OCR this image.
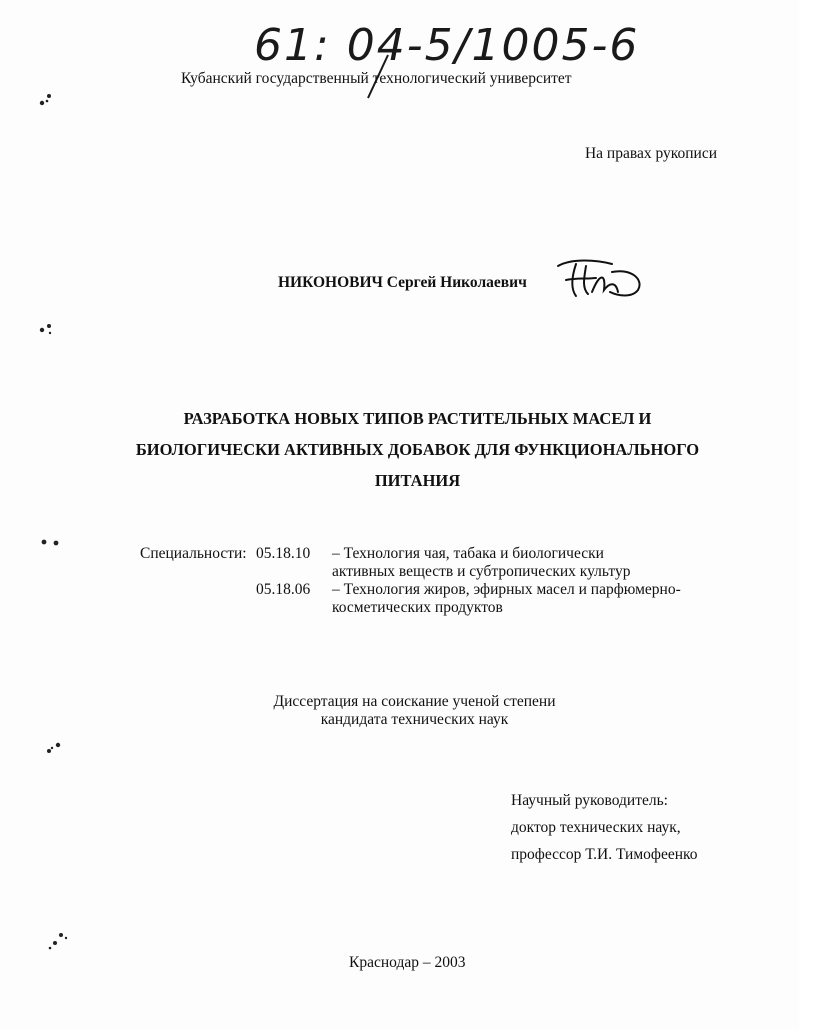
61: 04-5/1005-6
Кубанский государственный технологический университет
На правах рукописи
НИКОНОВИЧ Сергей Николаевич
РАЗРАБОТКА НОВЫХ ТИПОВ РАСТИТЕЛЬНЫХ МАСЕЛ И
БИОЛОГИЧЕСКИ АКТИВНЫХ ДОБАВОК ДЛЯ ФУНКЦИОНАЛЬНОГО
ПИТАНИЯ
Специальности: 05.18.10 – Технология чая, табака и биологически
активных веществ и субтропических культур
05.18.06 – Технология жиров, эфирных масел и парфюмерно-
косметических продуктов
Диссертация на соискание ученой степени
кандидата технических наук
Научный руководитель:
доктор технических наук,
профессор Т.И. Тимофеенко
Краснодар – 2003
